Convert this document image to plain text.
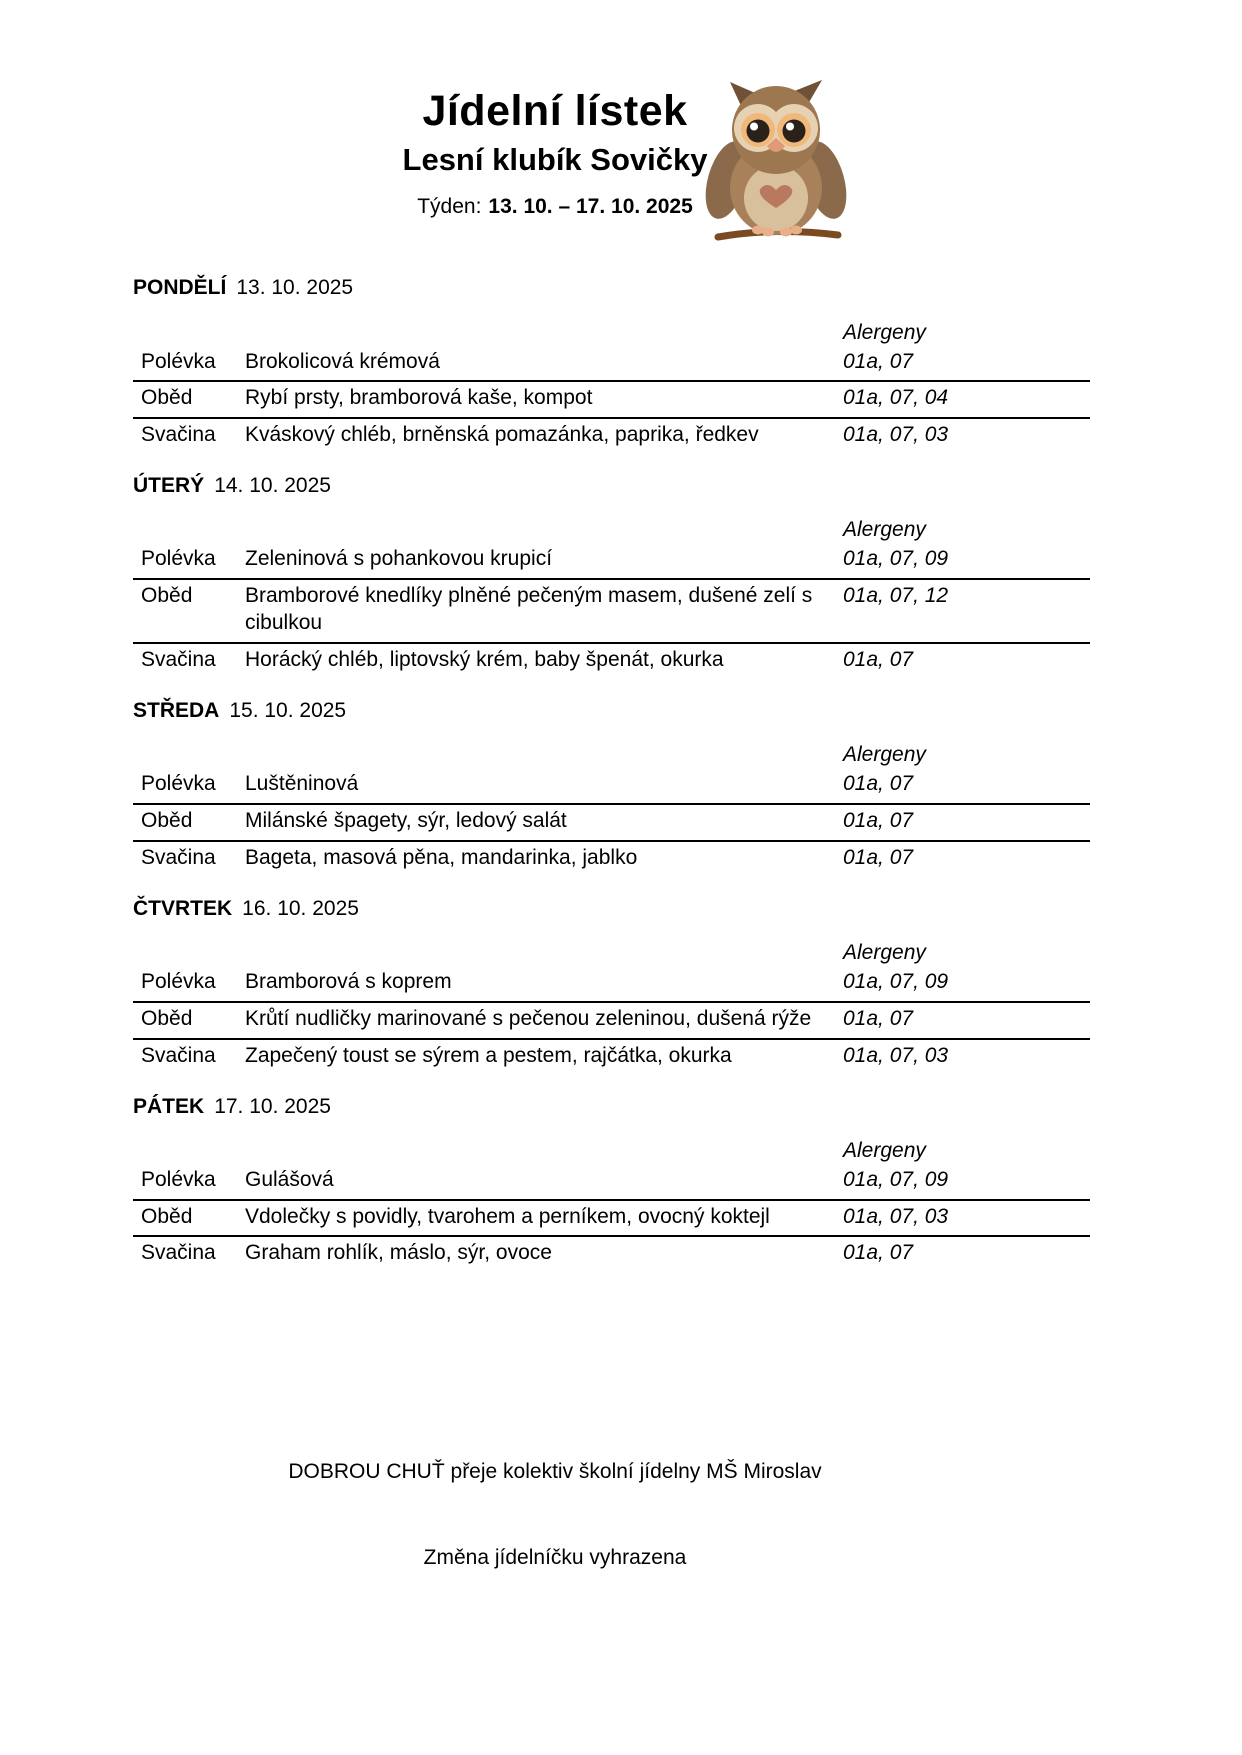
Jídelní lístek
Lesní klubík Sovičky
Týden: 13. 10. – 17. 10. 2025
PONDĚLÍ 13. 10. 2025
		Alergeny
Polévka	Brokolicová krémová	01a, 07
Oběd	Rybí prsty, bramborová kaše, kompot	01a, 07, 04
Svačina	Kváskový chléb, brněnská pomazánka, paprika, ředkev	01a, 07, 03
ÚTERÝ 14. 10. 2025
		Alergeny
Polévka	Zeleninová s pohankovou krupicí	01a, 07, 09
Oběd	Bramborové knedlíky plněné pečeným masem, dušené zelí s cibulkou	01a, 07, 12
Svačina	Horácký chléb, liptovský krém, baby špenát, okurka	01a, 07
STŘEDA 15. 10. 2025
		Alergeny
Polévka	Luštěninová	01a, 07
Oběd	Milánské špagety, sýr, ledový salát	01a, 07
Svačina	Bageta, masová pěna, mandarinka, jablko	01a, 07
ČTVRTEK 16. 10. 2025
		Alergeny
Polévka	Bramborová s koprem	01a, 07, 09
Oběd	Krůtí nudličky marinované s pečenou zeleninou, dušená rýže	01a, 07
Svačina	Zapečený toust se sýrem a pestem, rajčátka, okurka	01a, 07, 03
PÁTEK 17. 10. 2025
		Alergeny
Polévka	Gulášová	01a, 07, 09
Oběd	Vdolečky s povidly, tvarohem a perníkem, ovocný koktejl	01a, 07, 03
Svačina	Graham rohlík, máslo, sýr, ovoce	01a, 07
DOBROU CHUŤ přeje kolektiv školní jídelny MŠ Miroslav
Změna jídelníčku vyhrazena
